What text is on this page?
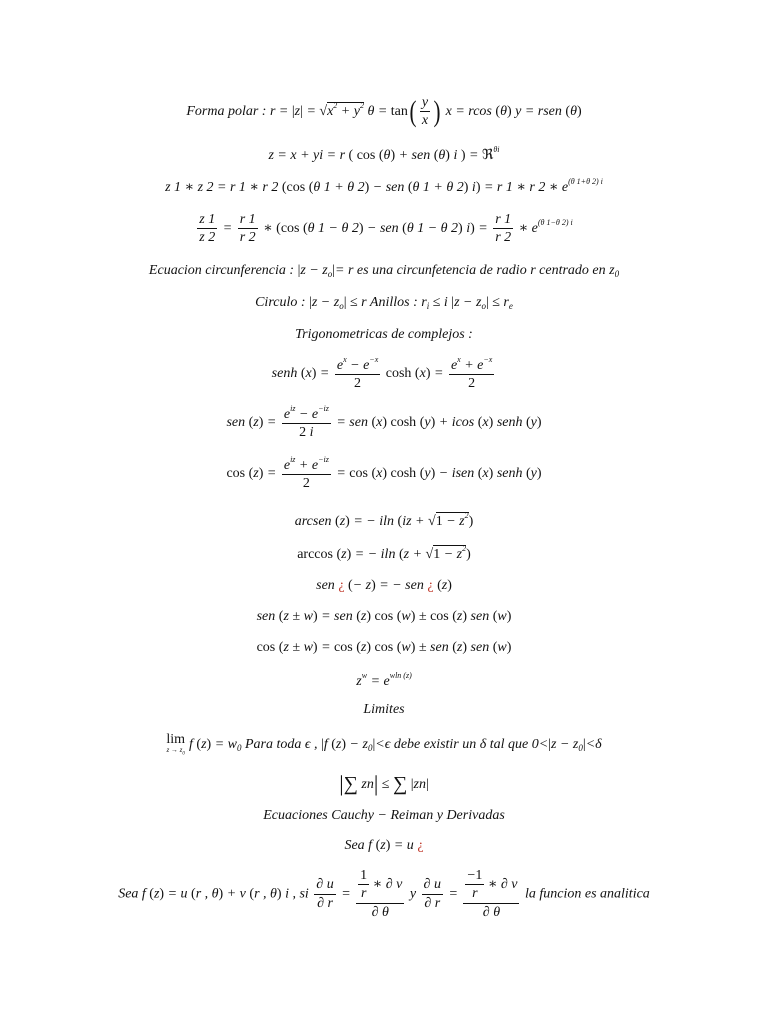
Forma polar : $r = |z| = √x^2 + y^2$ $\theta = \tan( \frac{y}{x}$ ) x = rcos (θ) y = rsen (θ)
z = x + yi = r ( cos (θ) + sen (θ) i ) = ℜ$^{\theta i}$
z 1 ∗ z 2 = r 1 ∗ r 2 (cos (θ 1 + θ 2) − sen (θ 1 + θ 2) i) = r 1 ∗ r 2 ∗ $e^{(\theta 1+\theta 2) i}$
$\frac{z 1}{z 2} = \frac{r 1}{r 2}$ ∗ (cos (θ 1 − θ 2) − sen (θ 1 − θ 2) $i) = \frac{r 1}{r 2}$ ∗ $e^{(\theta 1-\theta 2) i}$
Ecuacion circunferencia : $|z - z_o|= r$ es una circunfetencia de radio r centrado en $z_0$
Circulo : $|z - z_o| \le r$ Anillos : $r_i \le i$ $|z - z_o| \le r_e$
Trigonometricas de complejos :
senh $(x) = \frac{e^x - e^{-x}}{2}$ $\cosh (x) = \frac{e^x + e^{-x}}{2}$
sen $(z) = \frac{e^{iz} - e^{-iz}}{2 i}$ = sen (x) cosh (y) + icos (x) senh (y)
$\cos (z) = \frac{e^{iz} + e^{-iz}}{2} = \cos (x)$ cosh (y) − isen (x) senh (y)
arcsen (z) = − iln $(iz + √1 - z^2)$
arccos (z) = − iln $(z + √1 - z^2)$
sen ¿ (− z) = − sen ¿ (z)
sen (z ± w) = sen (z) cos (w) ± cos (z) sen (w)
cos (z ± w) = cos (z) cos (w) ± sen (z) sen (w)
$z^w = e^{wln (z)}$
Limites
lim
$z \to z_0$
f $(z) = w_0$ Para toda ϵ , |f $(z) - z_0|<\epsilon$ debe existir un δ tal que $0<|z - z_0|<\delta$
|∑ zn| ≤ ∑ |zn|
Ecuaciones Cauchy − Reiman y Derivadas
Sea f (z) = u ¿
Sea f (z) = u (r , θ) + v (r , θ) i , si $\frac{\partial u}{\partial r} = \frac{\frac{1}{r} ∗ \partial v}{\partial \theta}$ y $\frac{\partial u}{\partial r} = \frac{\frac{-1}{r} ∗ \partial v}{\partial \theta}$ la funcion es analitica
